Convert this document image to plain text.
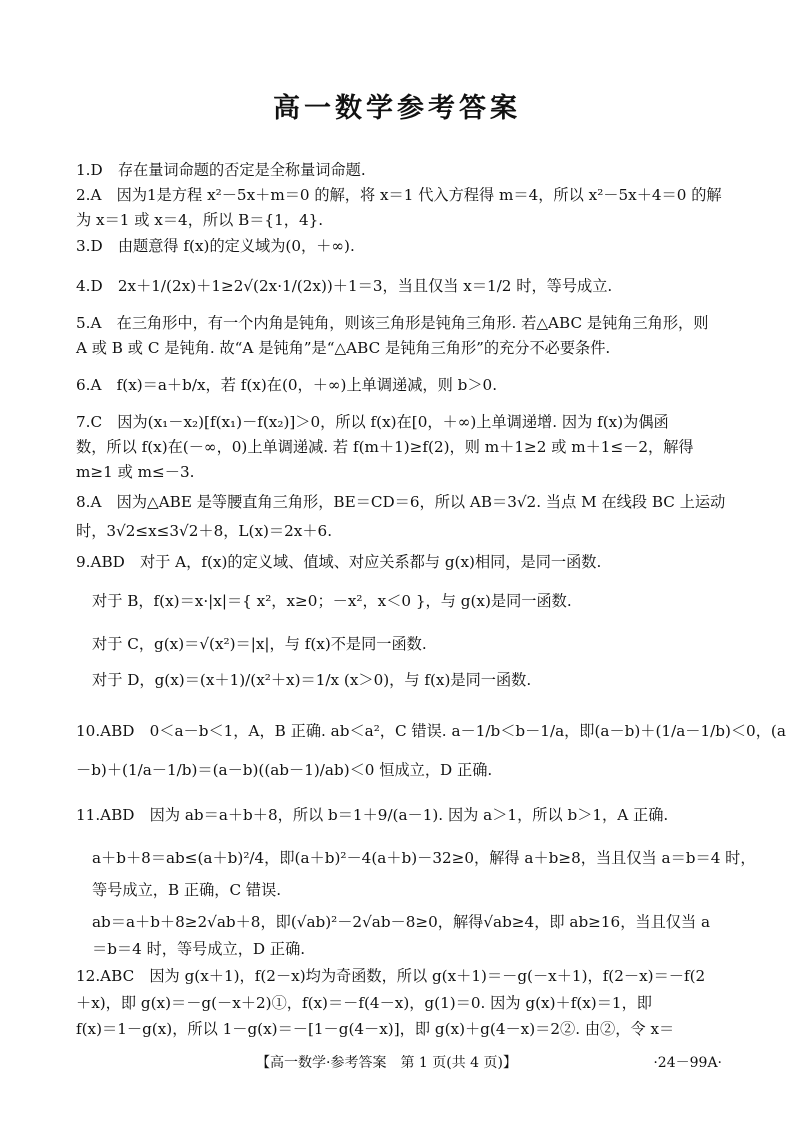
高一数学参考答案
1.D　存在量词命题的否定是全称量词命题.
2.A　因为1是方程 x²－5x＋m＝0 的解，将 x＝1 代入方程得 m＝4，所以 x²－5x＋4＝0 的解
为 x＝1 或 x＝4，所以 B＝{1，4}.
3.D　由题意得 f(x)的定义域为(0，＋∞).
4.D　2x＋1/(2x)＋1≥2√(2x·1/(2x))＋1＝3，当且仅当 x＝1/2 时，等号成立.
5.A　在三角形中，有一个内角是钝角，则该三角形是钝角三角形. 若△ABC 是钝角三角形，则
A 或 B 或 C 是钝角. 故“A 是钝角”是“△ABC 是钝角三角形”的充分不必要条件.
6.A　f(x)＝a＋b/x，若 f(x)在(0，＋∞)上单调递减，则 b＞0.
7.C　因为(x₁－x₂)[f(x₁)－f(x₂)]＞0，所以 f(x)在[0，＋∞)上单调递增. 因为 f(x)为偶函
数，所以 f(x)在(－∞，0)上单调递减. 若 f(m＋1)≥f(2)，则 m＋1≥2 或 m＋1≤－2，解得
m≥1 或 m≤－3.
8.A　因为△ABE 是等腰直角三角形，BE＝CD＝6，所以 AB＝3√2. 当点 M 在线段 BC 上运动
时，3√2≤x≤3√2＋8，L(x)＝2x＋6.
9.ABD　对于 A，f(x)的定义域、值域、对应关系都与 g(x)相同，是同一函数.
对于 B，f(x)＝x·|x|＝{ x²，x≥0；－x²，x＜0 }，与 g(x)是同一函数.
对于 C，g(x)＝√(x²)＝|x|，与 f(x)不是同一函数.
对于 D，g(x)＝(x＋1)/(x²＋x)＝1/x (x＞0)，与 f(x)是同一函数.
10.ABD　0＜a－b＜1，A，B 正确. ab＜a²，C 错误. a－1/b＜b－1/a，即(a－b)＋(1/a－1/b)＜0，(a
－b)＋(1/a－1/b)＝(a－b)((ab－1)/ab)＜0 恒成立，D 正确.
11.ABD　因为 ab＝a＋b＋8，所以 b＝1＋9/(a－1). 因为 a＞1，所以 b＞1，A 正确.
a＋b＋8＝ab≤(a＋b)²/4，即(a＋b)²－4(a＋b)－32≥0，解得 a＋b≥8，当且仅当 a＝b＝4 时，
等号成立，B 正确，C 错误.
ab＝a＋b＋8≥2√ab＋8，即(√ab)²－2√ab－8≥0，解得√ab≥4，即 ab≥16，当且仅当 a
＝b＝4 时，等号成立，D 正确.
12.ABC　因为 g(x＋1)，f(2－x)均为奇函数，所以 g(x＋1)＝－g(－x＋1)，f(2－x)＝－f(2
＋x)，即 g(x)＝－g(－x＋2)①，f(x)＝－f(4－x)，g(1)＝0. 因为 g(x)＋f(x)＝1，即
f(x)＝1－g(x)，所以 1－g(x)＝－[1－g(4－x)]，即 g(x)＋g(4－x)＝2②. 由②，令 x＝
【高一数学·参考答案　第 1 页(共 4 页)】	·24－99A·
